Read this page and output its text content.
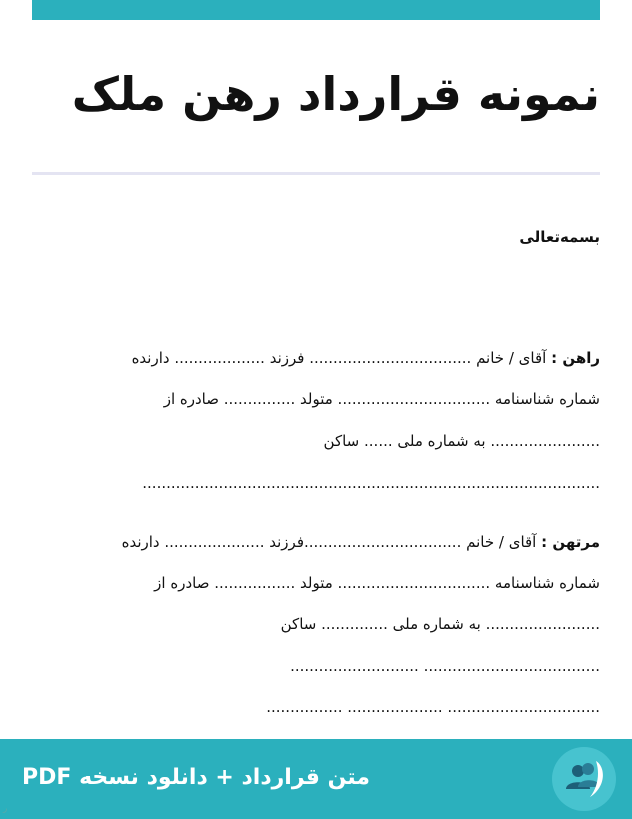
نمونه قرارداد رهن ملک
بسمه‌تعالی
راهن : آقای / خانم .................................. فرزند ................... دارنده
شماره شناسنامه ................................ متولد ............... صادره از
....................... به شماره ملی ...... ساکن
................................................................................................
مرتهن : آقای / خانم .................................فرزند ..................... دارنده
شماره شناسنامه ................................ متولد ................. صادره از
........................ به شماره ملی .............. ساکن
..................................... ...........................
................................ .................... ................
متن قرارداد + دانلود نسخه PDF
ر
